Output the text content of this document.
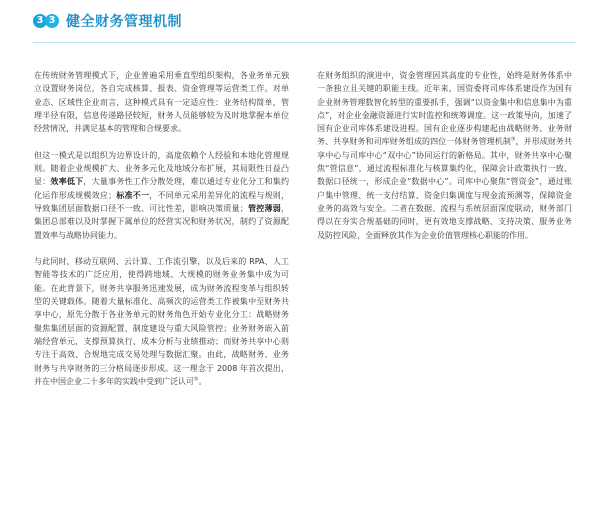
3 3 健全财务管理机制

在传统财务管理模式下，企业普遍采用垂直型组织架构，各业务单元独立设置财务岗位，各自完成核算、报表、资金管理等运营类工作。对单业态、区域性企业而言，这种模式具有一定适应性：业务结构简单，管理半径有限，信息传递路径较短，财务人员能够较为及时地掌握本单位经营情况，并满足基本的管理和合规要求。

但这一模式是以组织为边界设计的，高度依赖个人经验和本地化管理规则。随着企业规模扩大、业务多元化及地域分布扩展，其局限性日益凸显：效率低下，大量事务性工作分散处理，难以通过专业化分工和集约化运作形成规模效应；标准不一，不同单元采用差异化的流程与规则，导致集团层面数据口径不一致、可比性差，影响决策质量；管控薄弱，集团总部难以及时掌握下属单位的经营实况和财务状况，制约了资源配置效率与战略协同能力。

与此同时，移动互联网、云计算、工作流引擎，以及后来的 RPA、人工智能等技术的广泛应用，使得跨地域、大规模的财务业务集中成为可能。在此背景下，财务共享服务迅速发展，成为财务流程变革与组织转型的关键载体。随着大量标准化、高频次的运营类工作被集中至财务共享中心，原先分散于各业务单元的财务角色开始专业化分工：战略财务聚焦集团层面的资源配置、制度建设与重大风险管控；业务财务嵌入前端经营单元，支撑预算执行、成本分析与业绩推动；而财务共享中心则专注于高效、合规地完成交易处理与数据汇聚。由此，战略财务、业务财务与共享财务的三分格局逐步形成。这一理念于 2008 年首次提出，并在中国企业二十多年的实践中受到广泛认可②。

在财务组织的演进中，资金管理因其高度的专业性，始终是财务体系中一条独立且关键的职能主线。近年来，国资委将司库体系建设作为国有企业财务管理数智化转型的重要抓手，强调“以资金集中和信息集中为重点”，对企业金融资源进行实时监控和统筹调度。这一政策导向，加速了国有企业司库体系建设进程。国有企业逐步构建起由战略财务、业务财务、共享财务和司库财务组成的四位一体财务管理机制③，并形成财务共享中心与司库中心“双中心”协同运行的新格局。其中，财务共享中心聚焦“管信息”，通过流程标准化与核算集约化，保障会计政策执行一致、数据口径统一，形成企业“数据中心”。司库中心聚焦“管资金”，通过账户集中管理、统一支付结算、资金归集调度与现金流预测等，保障资金业务的高效与安全。二者在数据、流程与系统层面深度联动，财务部门得以在夯实合规基础的同时，更有效地支撑战略、支持决策、服务业务及防控风险，全面释放其作为企业价值管理核心职能的作用。
